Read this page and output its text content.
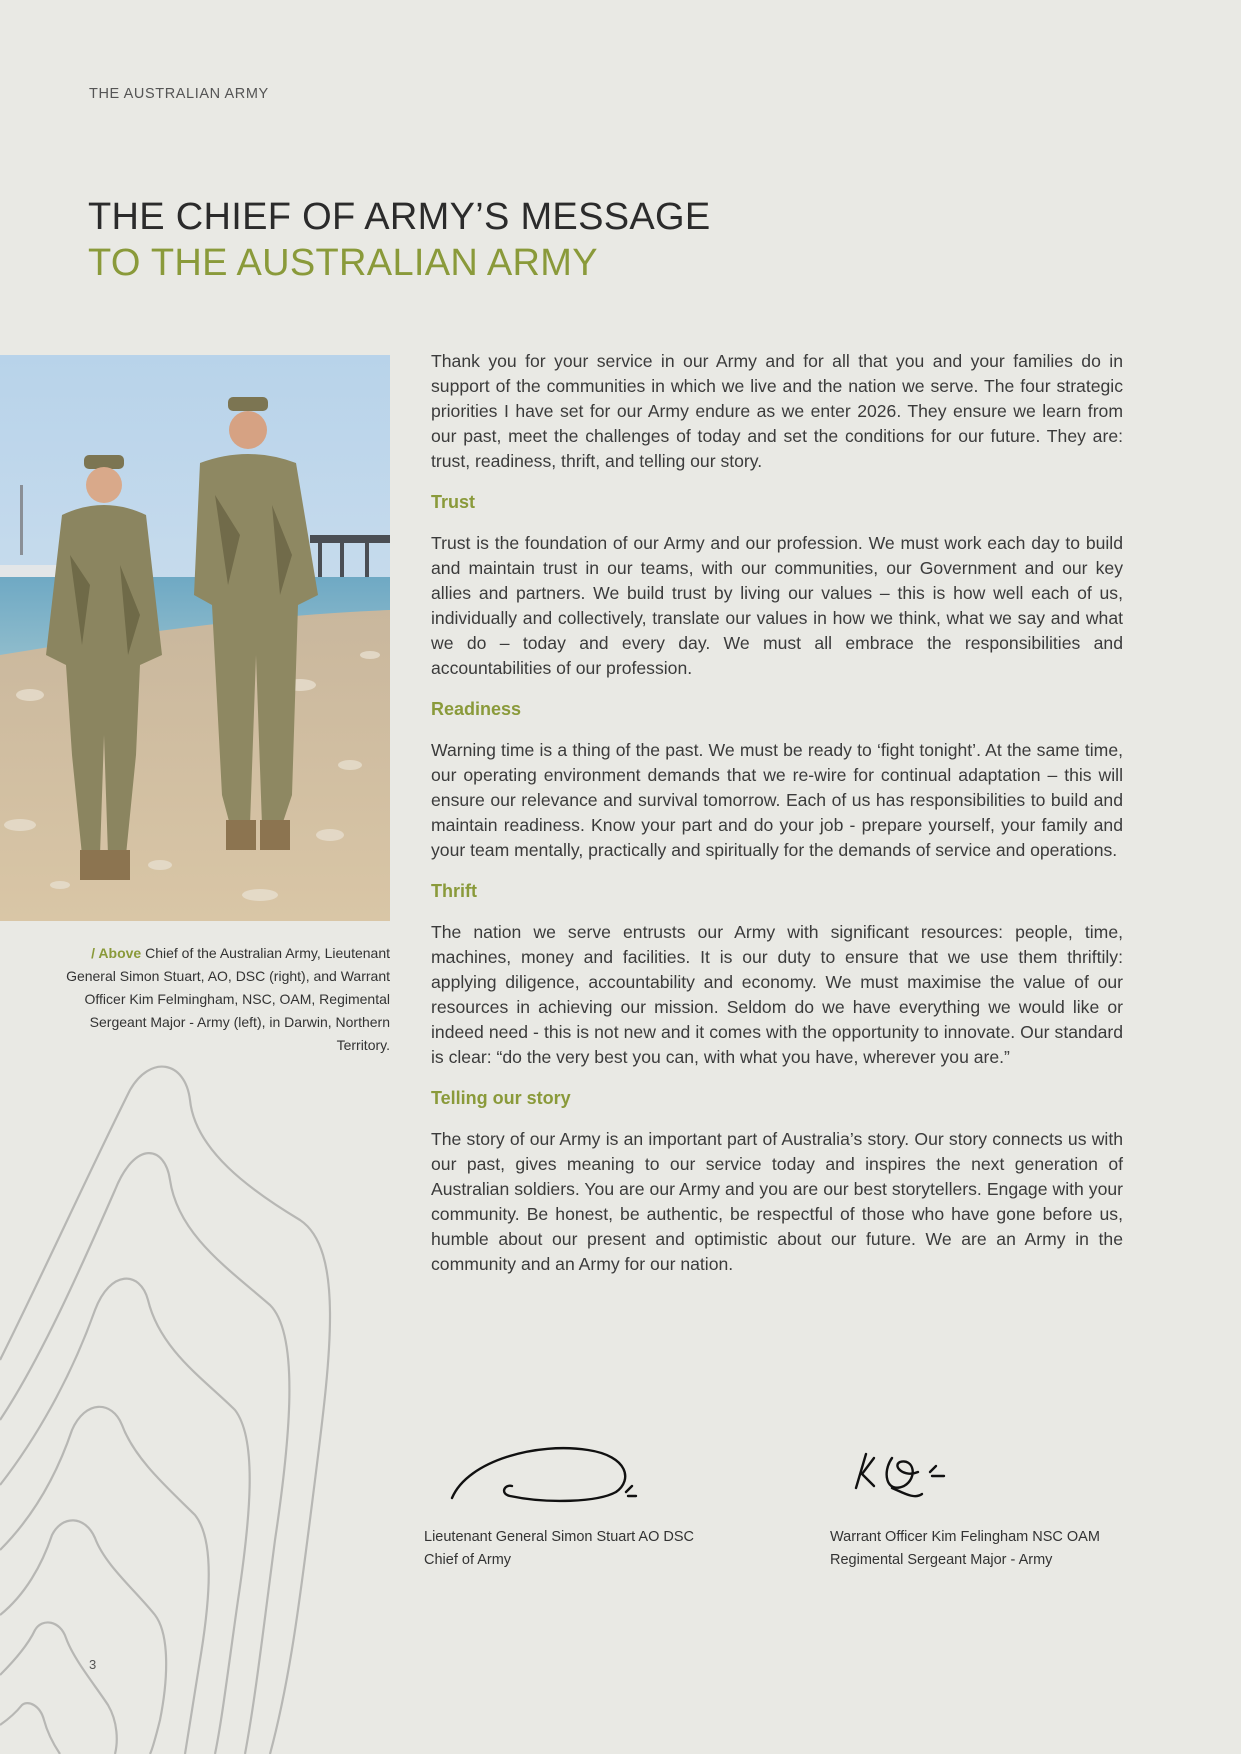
THE AUSTRALIAN ARMY
THE CHIEF OF ARMY’S MESSAGE
TO THE AUSTRALIAN ARMY
/ Above Chief of the Australian Army, Lieutenant General Simon Stuart, AO, DSC (right), and Warrant Officer Kim Felmingham, NSC, OAM, Regimental Sergeant Major - Army (left), in Darwin, Northern Territory.

Thank you for your service in our Army and for all that you and your families do in support of the communities in which we live and the nation we serve. The four strategic priorities I have set for our Army endure as we enter 2026. They ensure we learn from our past, meet the challenges of today and set the conditions for our future. They are: trust, readiness, thrift, and telling our story.

Trust

Trust is the foundation of our Army and our profession. We must work each day to build and maintain trust in our teams, with our communities, our Government and our key allies and partners. We build trust by living our values – this is how well each of us, individually and collectively, translate our values in how we think, what we say and what we do – today and every day. We must all embrace the responsibilities and accountabilities of our profession.

Readiness

Warning time is a thing of the past. We must be ready to ‘fight tonight’. At the same time, our operating environment demands that we re-wire for continual adaptation – this will ensure our relevance and survival tomorrow. Each of us has responsibilities to build and maintain readiness. Know your part and do your job - prepare yourself, your family and your team mentally, practically and spiritually for the demands of service and operations.

Thrift

The nation we serve entrusts our Army with significant resources: people, time, machines, money and facilities. It is our duty to ensure that we use them thriftily: applying diligence, accountability and economy. We must maximise the value of our resources in achieving our mission. Seldom do we have everything we would like or indeed need - this is not new and it comes with the opportunity to innovate. Our standard is clear: “do the very best you can, with what you have, wherever you are.”

Telling our story

The story of our Army is an important part of Australia’s story. Our story connects us with our past, gives meaning to our service today and inspires the next generation of Australian soldiers. You are our Army and you are our best storytellers. Engage with your community. Be honest, be authentic, be respectful of those who have gone before us, humble about our present and optimistic about our future. We are an Army in the community and an Army for our nation.

Lieutenant General Simon Stuart AO DSC
Chief of Army
Warrant Officer Kim Felingham NSC OAM
Regimental Sergeant Major - Army
3
